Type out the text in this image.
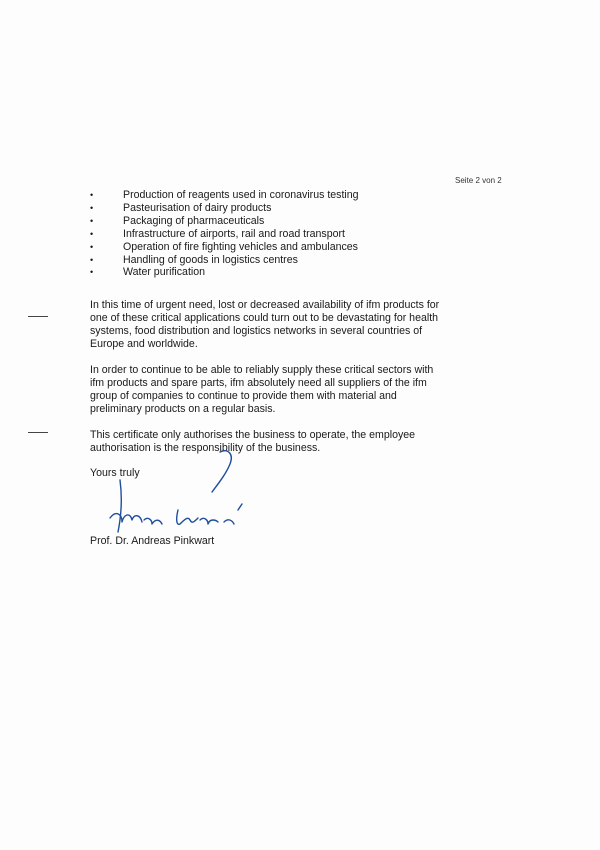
Seite 2 von 2
• Production of reagents used in coronavirus testing
• Pasteurisation of dairy products
• Packaging of pharmaceuticals
• Infrastructure of airports, rail and road transport
• Operation of fire fighting vehicles and ambulances
• Handling of goods in logistics centres
• Water purification

In this time of urgent need, lost or decreased availability of ifm products for one of these critical applications could turn out to be devastating for health systems, food distribution and logistics networks in several countries of Europe and worldwide.

In order to continue to be able to reliably supply these critical sectors with ifm products and spare parts, ifm absolutely need all suppliers of the ifm group of companies to continue to provide them with material and preliminary products on a regular basis.

This certificate only authorises the business to operate, the employee authorisation is the responsibility of the business.

Yours truly

Prof. Dr. Andreas Pinkwart
